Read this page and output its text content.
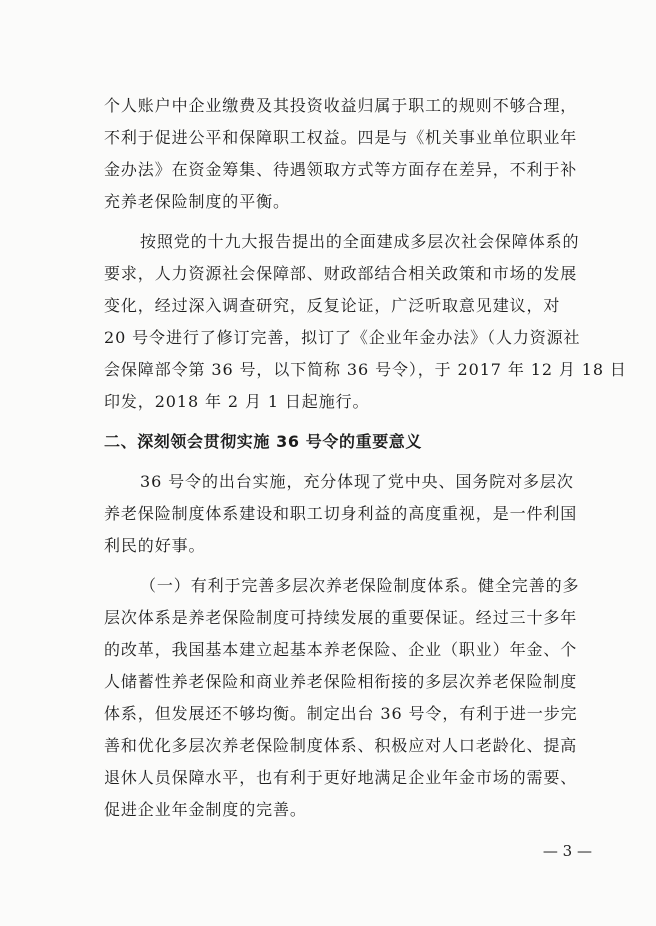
个人账户中企业缴费及其投资收益归属于职工的规则不够合理，
不利于促进公平和保障职工权益。四是与《机关事业单位职业年
金办法》在资金筹集、待遇领取方式等方面存在差异，不利于补
充养老保险制度的平衡。
按照党的十九大报告提出的全面建成多层次社会保障体系的
要求，人力资源社会保障部、财政部结合相关政策和市场的发展
变化，经过深入调查研究，反复论证，广泛听取意见建议，对
20 号令进行了修订完善，拟订了《企业年金办法》（人力资源社
会保障部令第 36 号，以下简称 36 号令），于 2017 年 12 月 18 日
印发，2018 年 2 月 1 日起施行。
二、深刻领会贯彻实施 36 号令的重要意义
36 号令的出台实施，充分体现了党中央、国务院对多层次
养老保险制度体系建设和职工切身利益的高度重视，是一件利国
利民的好事。
（一）有利于完善多层次养老保险制度体系。健全完善的多
层次体系是养老保险制度可持续发展的重要保证。经过三十多年
的改革，我国基本建立起基本养老保险、企业（职业）年金、个
人储蓄性养老保险和商业养老保险相衔接的多层次养老保险制度
体系，但发展还不够均衡。制定出台 36 号令，有利于进一步完
善和优化多层次养老保险制度体系、积极应对人口老龄化、提高
退休人员保障水平，也有利于更好地满足企业年金市场的需要、
促进企业年金制度的完善。
— 3 —
